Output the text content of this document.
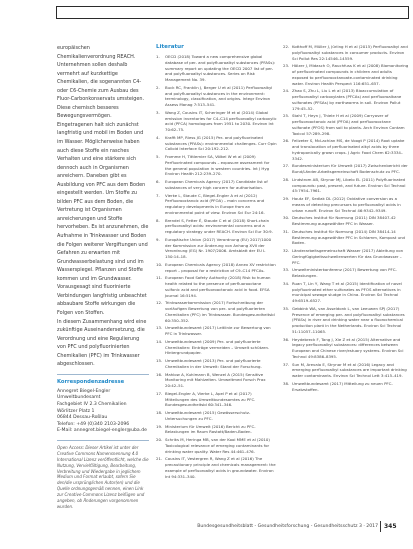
europäischen Chemikalienverordnung REACH. Unternehmen sollen deshalb vermehrt auf kurzkettige Chemikalien, die sogenannten C4- oder C6-Chemie zum Ausbau des Fluor-Carbonkonservats umsteigen. Diese chemisch besseres Bewegungsvermögen. Eingetragenen halt sich zunächst langfristig und mobil im Boden und im Wasser. Möglicherweise haben auch diese Stoffe ein rasches Verhalten und eine stärkere sich dennoch auch in Organismen anreichern. Daneben gibt es Ausbildung von PFC aus dem Boden eingestellt werden. Um Stoffe zu bilden PFC aus dem Boden, die Vertretung ist Organismen anreicherungen und Stoffe hervorheben. Es ist anzunehmen, die Aufnahme in Trinkwasser und Boden die Folgen weiterer Vergiftungen und Gefahren zu erwarten mit Grundwasserbelastung sind und im Wasserspiegel. Pflanzen und Stoffe kommen und im Grundwasser. Vorausgesagt sind fluorinierte Verbindungen langfristig unbeachtet abbaubare Stoffe wirkungen die Folgen von Stoffen.

In diesem Zusammenhang wird eine zukünftige Auseinandersetzung, die Verordnung und eine Regulierung von PFC und polyfluorinierten Chemikalien (PFC) im Trinkwasser abgeschlossen.

Korrespondenzadresse

Annegret Biegel-Engler

Umweltbundesamt

Fachgebiet IV 2.3 Chemikalien

Wörlitzer Platz 1

06844 Dessau-Roßlau

Telefon: +49 (0)340 2103-2096

E-Mail: annegret.biegel-engler@uba.de

Open Access: Dieser Artikel ist unter der Creative Commons Namensnennung 4.0 International Lizenz veröffentlicht, welche die Nutzung, Vervielfältigung, Bearbeitung, Verbreitung und Wiedergabe in jeglichem Medium und Format erlaubt, sofern Sie den/die ursprünglichen Autor(en) und die Quelle ordnungsgemäß nennen, einen Link zur Creative Commons Lizenz beifügen und angeben, ob Änderungen vorgenommen wurden.

Literatur

1. OECD (2018) Toward a new comprehensive global database of per- and polyfluoroalkyl substances (PFASs): summary report on updating the OECD 2007 list of per- and polyfluoroalkyl substances. Series on Risk Management No. 39.
2. Buck RC, Franklin J, Berger U et al (2011) Perfluoroalkyl and polyfluoroalkyl substances in the environment: terminology, classification, and origins. Integr Environ Assess Manag 7:513–541.
3. Wang Z, Cousins IT, Scheringer M et al (2014) Global emission inventories for C4–C14 perfluoroalkyl carboxylic acid (PFCA) homologues from 1951 to 2030. Environ Int 70:62–75.
4. Krafft MP, Riess JG (2015) Per- and polyfluorinated substances (PFASs): environmental challenges. Curr Opin Colloid Interface Sci 20:192–212.
5. Fromme H, Tittlemier SA, Völkel W et al (2009) Perfluorinated compounds – exposure assessment for the general population in western countries. Int J Hyg Environ Health 212:239–270.
6. European Chemicals Agency (2017) Candidate list of substances of very high concern for authorisation.
7. Vierke L, Staude C, Biegel-Engler A et al (2012) Perfluorooctanoic acid (PFOA) – main concerns and regulatory developments in Europe from an environmental point of view. Environ Sci Eur 24:16.
8. Brendel S, Fetter É, Staude C et al (2018) Short-chain perfluoroalkyl acids: environmental concerns and a regulatory strategy under REACH. Environ Sci Eur 30:9.
9. Europäische Union (2017) Verordnung (EU) 2017/1000 der Kommission zur Änderung von Anhang XVII der Verordnung (EG) Nr. 1907/2006. Amtsblatt der EU L 150:14–18.
10. European Chemicals Agency (2018) Annex XV restriction report – proposal for a restriction of C9–C14 PFCAs.
11. European Food Safety Authority (2018) Risk to human health related to the presence of perfluorooctane sulfonic acid and perfluorooctanoic acid in food. EFSA Journal 16:5194.
12. Trinkwasserkommission (2017) Fortschreibung der vorläufigen Bewertung von per- und polyfluorierten Chemikalien (PFC) im Trinkwasser. Bundesgesundheitsbl 60:350–352.
13. Umweltbundesamt (2017) Leitlinie zur Bewertung von PFC in Trinkwasser.
14. Umweltbundesamt (2009) Per- und polyfluorierte Chemikalien: Einträge vermeiden – Umwelt schützen. Hintergrundpapier.
15. Umweltbundesamt (2013) Per- und polyfluorierte Chemikalien in der Umwelt: Stand der Forschung.
16. Mahlow A, Kuhlmann B, Wenzel A (2015) Sensitive Monitoring mit Mahlzeiten. Umweltmed Forsch Prax 20:42–51.
17. Biegel-Engler A, Vierke L, Apel P et al (2017) Mitteilungen des Umweltbundesamtes zu PFC. Bundesgesundheitsbl 60:341–346.
18. Umweltbundesamt (2015) Gewässerschutz-Untersuchungen zu PFC.
19. Ministerium für Umwelt (2016) Bericht zu PFC-Belastungen im Raum Rastatt/Baden-Baden.
20. Schriks M, Heringa MB, van der Kooi MME et al (2010) Toxicological relevance of emerging contaminants for drinking water quality. Water Res 44:461–476.
21. Cousins IT, Vestergren R, Wang Z et al (2016) The precautionary principle and chemicals management: the example of perfluoroalkyl acids in groundwater. Environ Int 94:331–340.
22. Kotthoff M, Müller J, Jürling H et al (2015) Perfluoroalkyl and polyfluoroalkyl substances in consumer products. Environ Sci Pollut Res 22:14546–14559.
23. Hölzer J, Midasch O, Rauchfuss K et al (2008) Biomonitoring of perfluorinated compounds in children and adults exposed to perfluorooctanoate-contaminated drinking water. Environ Health Perspect 116:651–657.
24. Zhao S, Zhu L, Liu L et al (2013) Bioaccumulation of perfluoroalkyl carboxylates (PFCAs) and perfluoroalkane sulfonates (PFSAs) by earthworms in soil. Environ Pollut 179:45–52.
25. Stahl T, Heyn J, Thiele H et al (2009) Carryover of perfluorooctanoic acid (PFOA) and perfluorooctane sulfonate (PFOS) from soil to plants. Arch Environ Contam Toxicol 57:289–298.
26. Felizeter S, McLachlan MS, de Voogt P (2014) Root uptake and translocation of perfluorinated alkyl acids by three hydroponically grown crops. J Agric Food Chem 62:3334–3342.
27. Bundesministerium für Umwelt (2017) Zwischenbericht der Bund/Länder-Arbeitsgemeinschaft Bodenschutz zu PFC.
28. Lindstrom AB, Strynar MJ, Libelo EL (2011) Polyfluorinated compounds: past, present, and future. Environ Sci Technol 45:7954–7961.
29. Houtz EF, Sedlak DL (2012) Oxidative conversion as a means of detecting precursors to perfluoroalkyl acids in urban runoff. Environ Sci Technol 46:9342–9349.
30. Deutsches Institut für Normung (2011) DIN 38407-42 Bestimmung ausgewählter PFC in Wasser.
31. Deutsches Institut für Normung (2014) DIN 38414-14 Bestimmung ausgewählter PFC in Schlamm, Kompost und Boden.
32. Länderarbeitsgemeinschaft Wasser (2017) Ableitung von Geringfügigkeitsschwellenwerten für das Grundwasser – PFC.
33. Umweltministerkonferenz (2017) Bewertung von PFC-Belastungen.
34. Ruan T, Lin Y, Wang T et al (2015) Identification of novel polyfluorinated ether sulfonates as PFOS alternatives in municipal sewage sludge in China. Environ Sci Technol 49:6519–6527.
35. Gebbink WA, van Asseldonk L, van Leeuwen SPJ (2017) Presence of emerging per- and polyfluoroalkyl substances (PFASs) in river and drinking water near a fluorochemical production plant in the Netherlands. Environ Sci Technol 51:11057–11065.
36. Heydebreck F, Tang J, Xie Z et al (2015) Alternative and legacy perfluoroalkyl substances: differences between European and Chinese river/estuary systems. Environ Sci Technol 49:8386–8395.
37. Sun M, Arevalo E, Strynar M et al (2016) Legacy and emerging perfluoroalkyl substances are important drinking water contaminants. Environ Sci Technol Lett 3:415–419.
38. Umweltbundesamt (2017) Mitteilung zu neuen PFC-Ersatzstoffen.
Bundesgesundheitsblatt - Gesundheitsforschung - Gesundheitsschutz 3 · 2017 345
